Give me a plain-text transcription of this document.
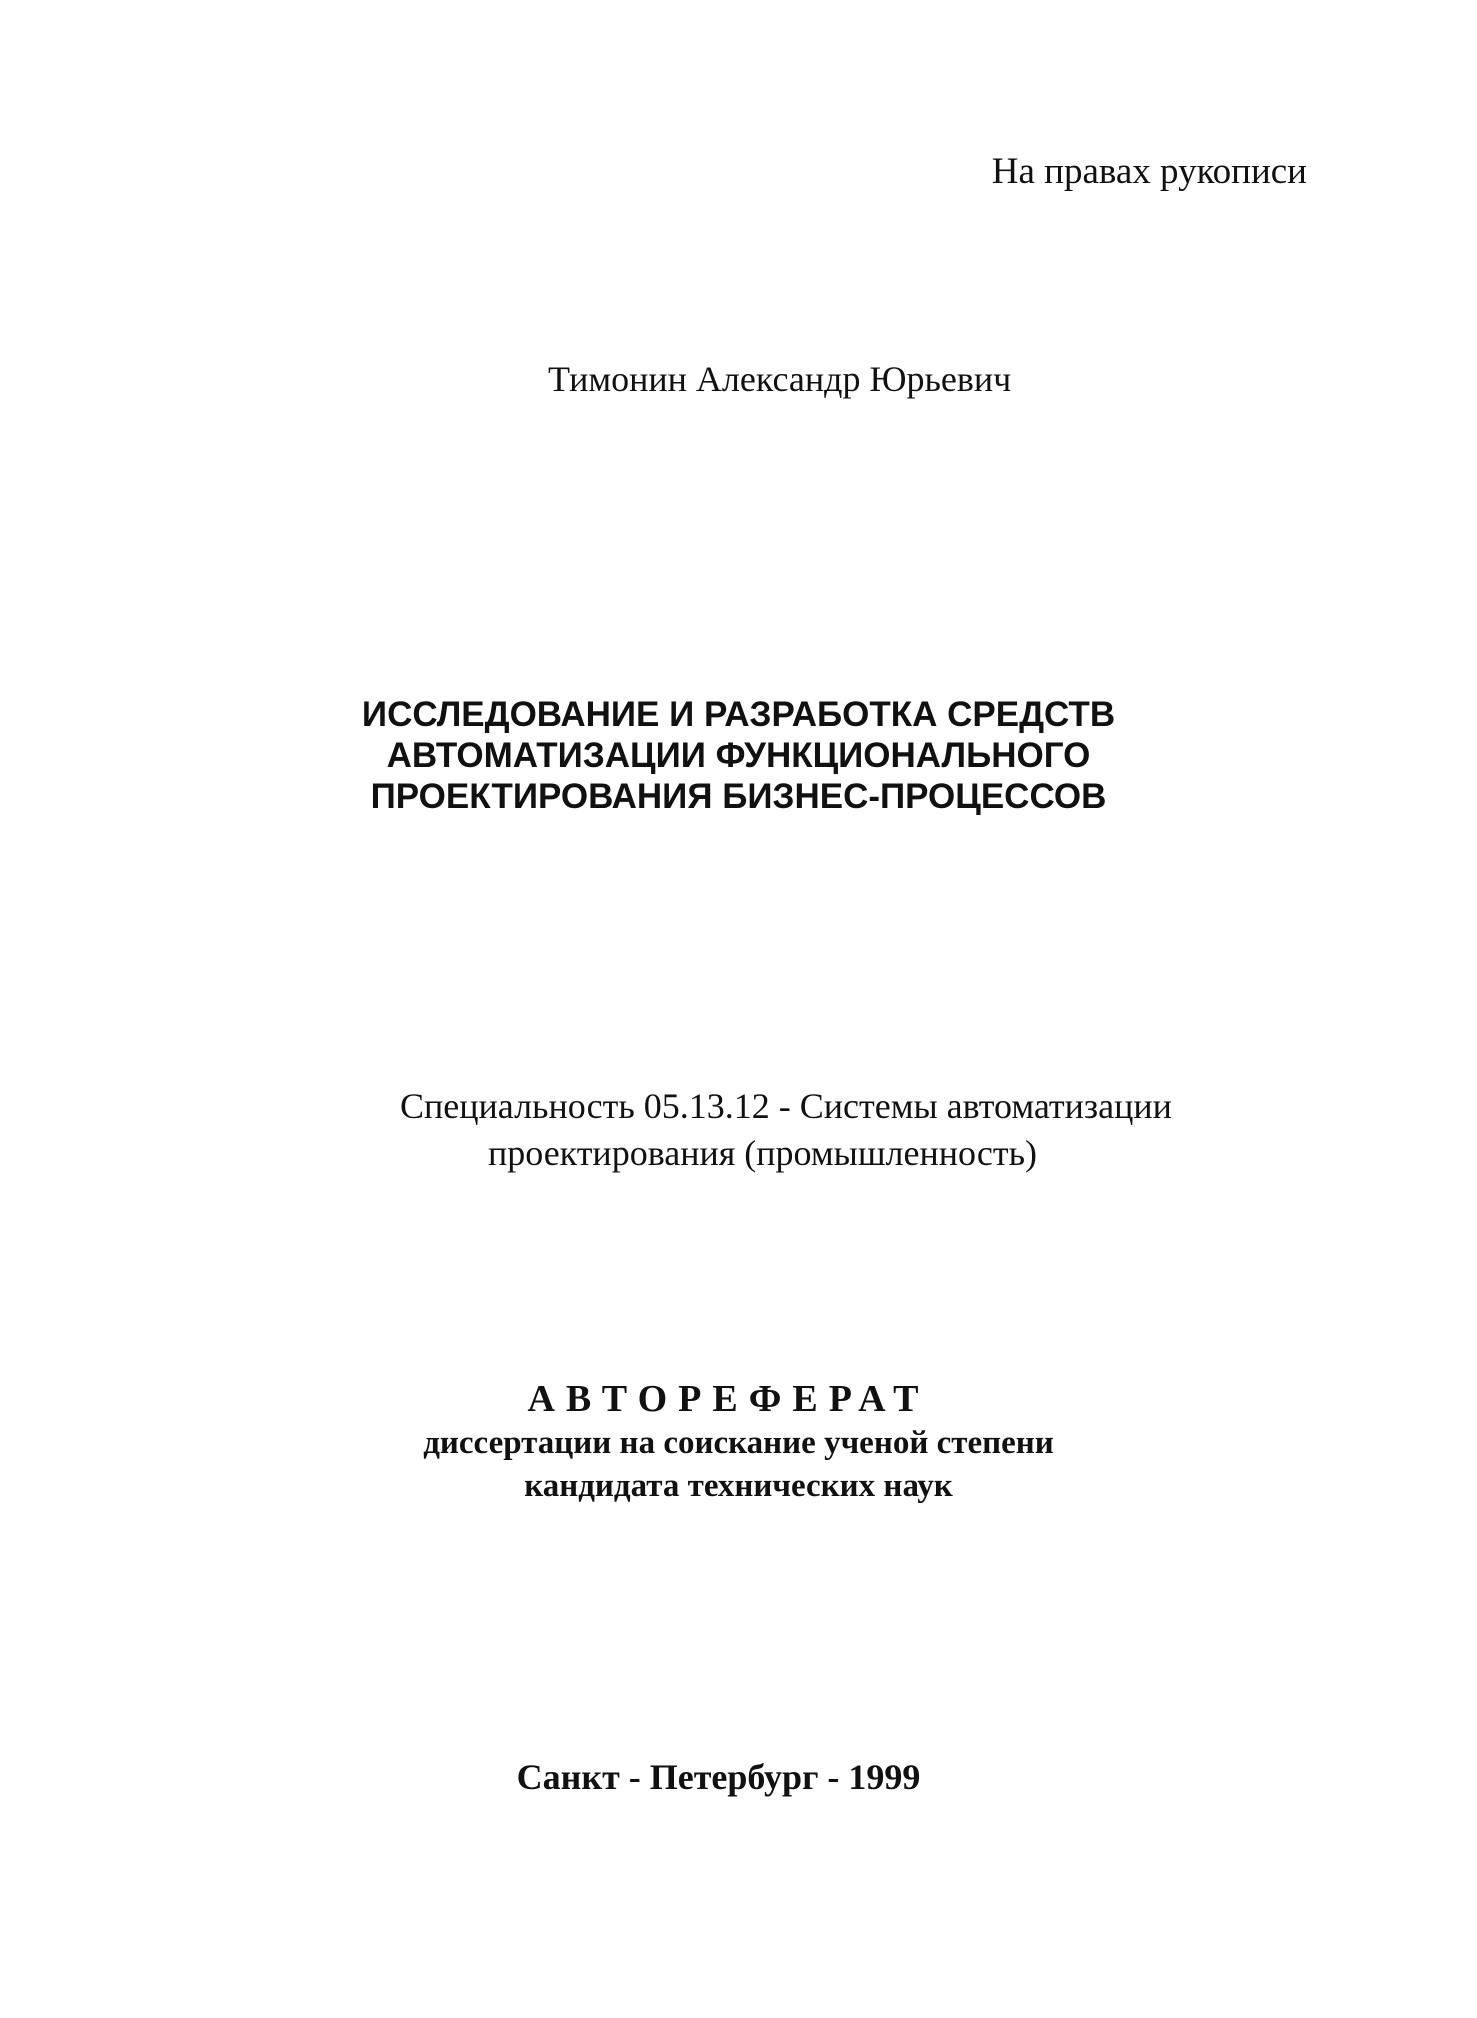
На правах рукописи
Тимонин Александр Юрьевич
ИССЛЕДОВАНИЕ И РАЗРАБОТКА СРЕДСТВ
АВТОМАТИЗАЦИИ ФУНКЦИОНАЛЬНОГО
ПРОЕКТИРОВАНИЯ БИЗНЕС-ПРОЦЕССОВ
Специальность 05.13.12 - Системы автоматизации
проектирования (промышленность)
АВТОРЕФЕРАТ
диссертации на соискание ученой степени
кандидата технических наук
Санкт - Петербург - 1999
